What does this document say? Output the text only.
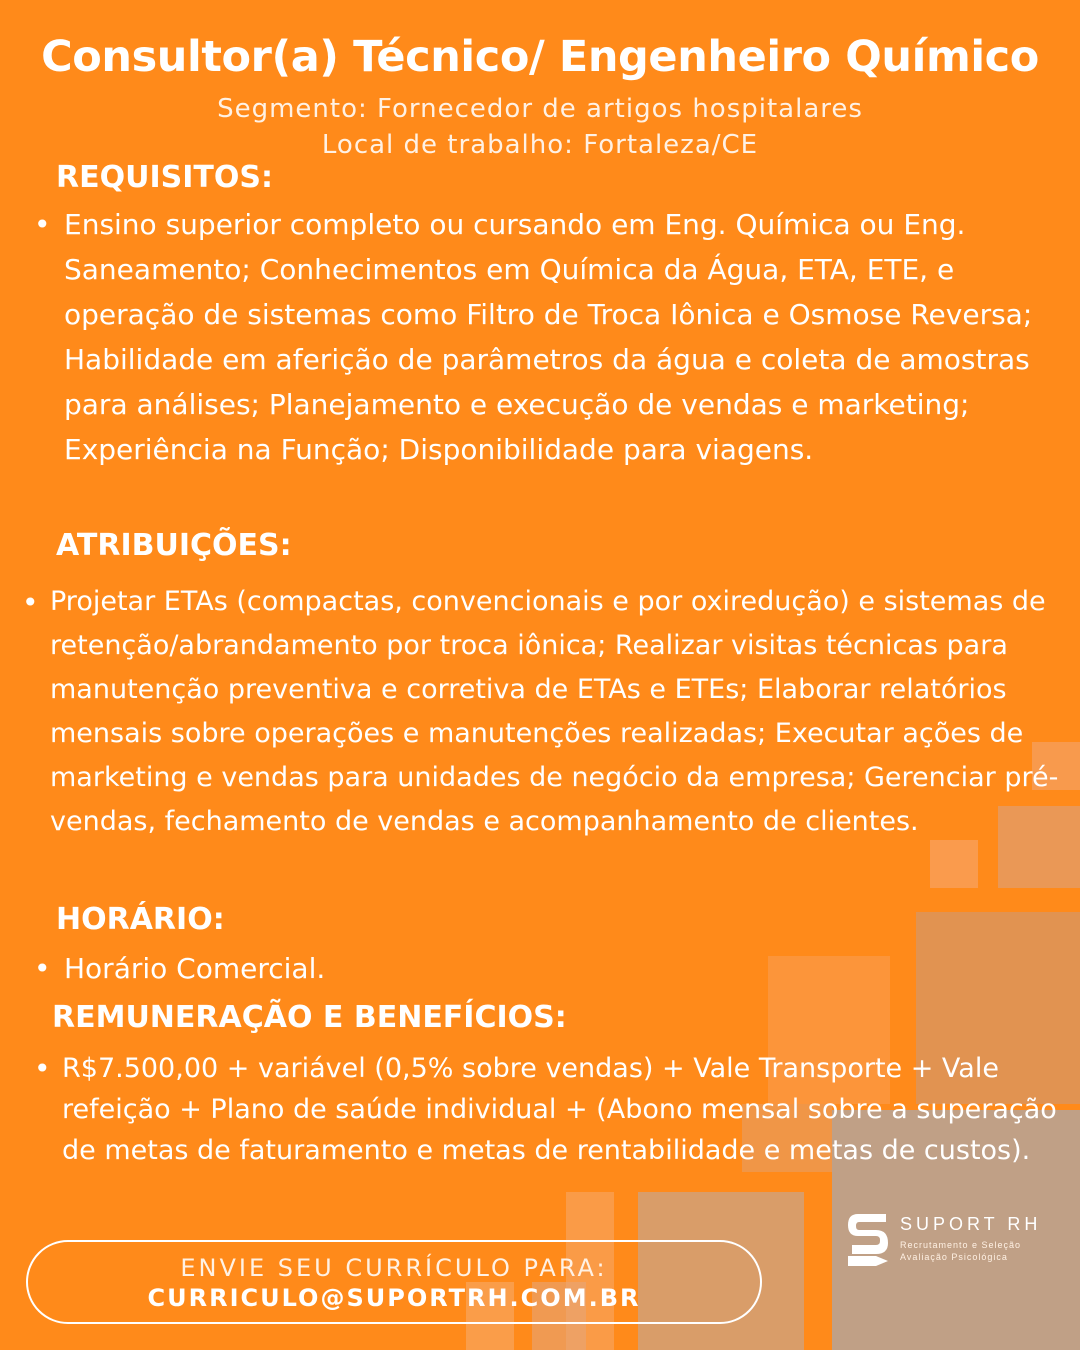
Consultor(a) Técnico/ Engenheiro Químico
Segmento: Fornecedor de artigos hospitalares
Local de trabalho: Fortaleza/CE
REQUISITOS:
• Ensino superior completo ou cursando em Eng. Química ou Eng. Saneamento; Conhecimentos em Química da Água, ETA, ETE, e operação de sistemas como Filtro de Troca Iônica e Osmose Reversa; Habilidade em aferição de parâmetros da água e coleta de amostras para análises; Planejamento e execução de vendas e marketing; Experiência na Função; Disponibilidade para viagens.

ATRIBUIÇÕES:
• Projetar ETAs (compactas, convencionais e por oxiredução) e sistemas de retenção/abrandamento por troca iônica; Realizar visitas técnicas para manutenção preventiva e corretiva de ETAs e ETEs; Elaborar relatórios mensais sobre operações e manutenções realizadas; Executar ações de marketing e vendas para unidades de negócio da empresa; Gerenciar pré-vendas, fechamento de vendas e acompanhamento de clientes.

HORÁRIO:
• Horário Comercial.

REMUNERAÇÃO E BENEFÍCIOS:
• R$7.500,00 + variável (0,5% sobre vendas) + Vale Transporte + Vale refeição + Plano de saúde individual + (Abono mensal sobre a superação de metas de faturamento e metas de rentabilidade e metas de custos).

ENVIE SEU CURRÍCULO PARA:
CURRICULO@SUPORTRH.COM.BR
SUPORT RH
Recrutamento e Seleção
Avaliação Psicológica
